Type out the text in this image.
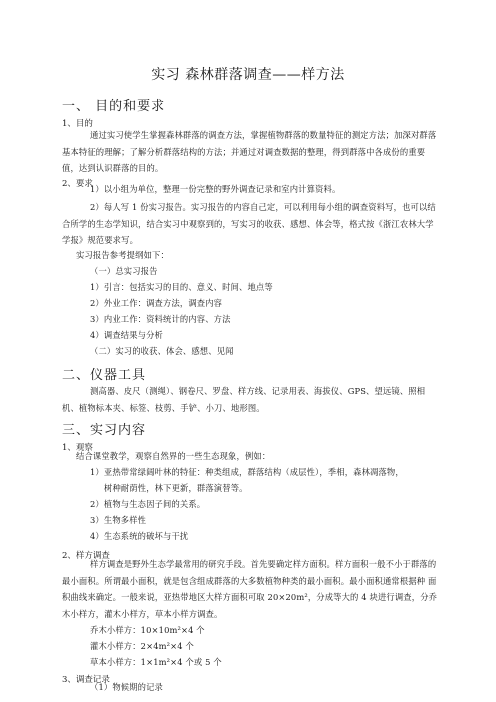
实习 森林群落调查——样方法
一、 目的和要求
1、目的
通过实习使学生掌握森林群落的调查方法，掌握植物群落的数量特征的测定方法；加深对群落基本特征的理解；了解分析群落结构的方法；并通过对调查数据的整理，得到群落中各成份的重要值，达到认识群落的目的。
2、要求
1）以小组为单位，整理一份完整的野外调查记录和室内计算资料。
2）每人写 1 份实习报告。实习报告的内容自己定，可以利用每小组的调查资料写，也可以结合所学的生态学知识，结合实习中观察到的，写实习的收获、感想、体会等，格式按《浙江农林大学学报》规范要求写。
实习报告参考提纲如下：
（一）总实习报告
1）引言：包括实习的目的、意义、时间、地点等
2）外业工作：调查方法，调查内容
3）内业工作：资料统计的内容、方法
4）调查结果与分析
（二）实习的收获、体会、感想、见闻
二、仪器工具
测高器、皮尺（测绳）、钢卷尺、罗盘、样方线、记录用表、海拔仪、GPS、望远镜、照相机、植物标本夹、标签、枝剪、手铲、小刀、地形图。
三、实习内容
1、观察
结合课堂教学，观察自然界的一些生态现象，例如：
1）亚热带常绿阔叶林的特征：种类组成，群落结构（成层性），季相，森林凋落物，
树种耐荫性，林下更新，群落演替等。
2）植物与生态因子间的关系。
3）生物多样性
4）生态系统的破坏与干扰
2、样方调查
样方调查是野外生态学最常用的研究手段。首先要确定样方面积。样方面积一般不小于群落的最小面积。所谓最小面积，就是包含组成群落的大多数植物种类的最小面积。最小面积通常根据种 面积曲线来确定。一般来说，亚热带地区大样方面积可取 20×20m²，分成等大的 4 块进行调查，分乔木小样方，灌木小样方，草本小样方调查。
乔木小样方：10×10m²×4 个
灌木小样方：2×4m²×4 个
草本小样方：1×1m²×4 个或 5 个
3、调查记录
（1）物候期的记录
